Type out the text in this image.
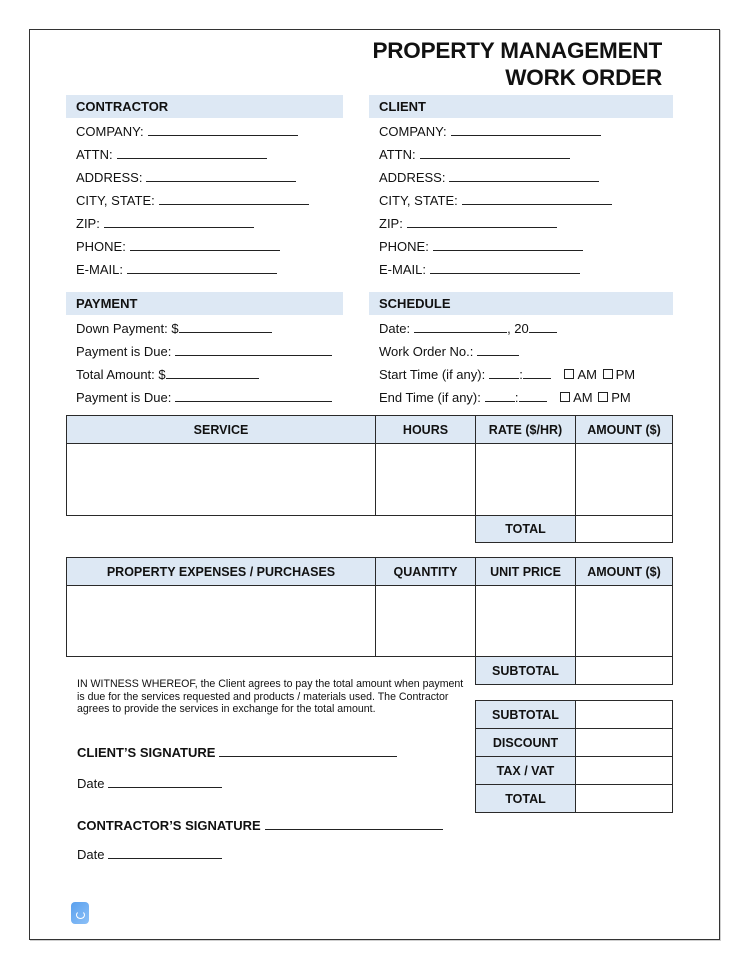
PROPERTY MANAGEMENT
WORK ORDER
CONTRACTOR
COMPANY:
ATTN:
ADDRESS:
CITY, STATE:
ZIP:
PHONE:
E-MAIL:
CLIENT
COMPANY:
ATTN:
ADDRESS:
CITY, STATE:
ZIP:
PHONE:
E-MAIL:
PAYMENT
Down Payment: $
Payment is Due:
Total Amount: $
Payment is Due:
SCHEDULE
Date:	, 20
Work Order No.:
Start Time (if any):	:	AM PM
End Time (if any):	:	AM PM
SERVICE	HOURS	RATE ($/HR)	AMOUNT ($)

		TOTAL	
PROPERTY EXPENSES / PURCHASES	QUANTITY	UNIT PRICE	AMOUNT ($)

		SUBTOTAL	
IN WITNESS WHEREOF, the Client agrees to pay the total amount when payment is due for the services requested and products / materials used. The Contractor agrees to provide the services in exchange for the total amount.	SUBTOTAL	
DISCOUNT	
TAX / VAT	
TOTAL	
CLIENT’S SIGNATURE
Date
CONTRACTOR’S SIGNATURE
Date
